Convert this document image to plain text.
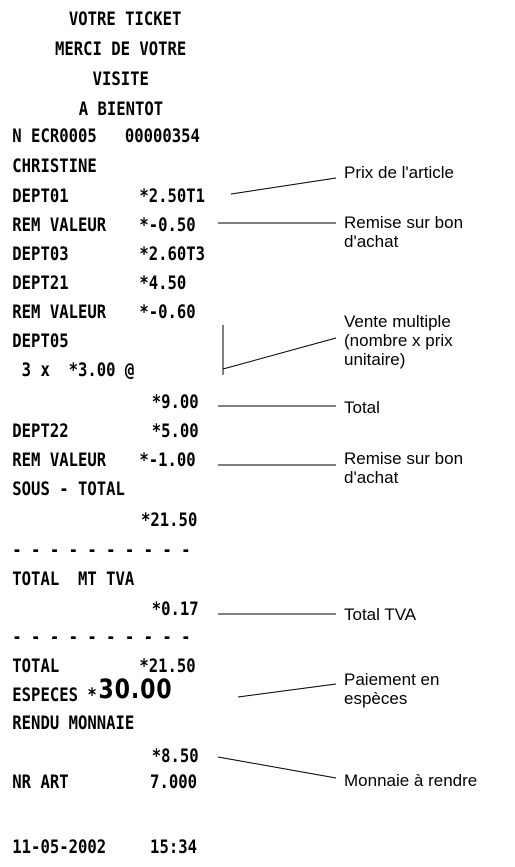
VOTRE TICKET
MERCI DE VOTRE
VISITE
A BIENTOT
N ECR0005   00000354
CHRISTINE
DEPT01	*2.50T1
REM VALEUR *-0.50
DEPT03	*2.60T3
DEPT21	*4.50
REM VALEUR *-0.60
DEPT05
3 x  *3.00 @
*9.00
DEPT22	*5.00
REM VALEUR *-1.00
SOUS - TOTAL
*21.50
- - - - - - - - - -
TOTAL  MT TVA
*0.17
- - - - - - - - - -
TOTAL	*21.50
ESPECES * 30.00
RENDU MONNAIE
*8.50
NR ART	7.000
11-05-2002 15:34
Prix de l'article
Remise sur bon
d'achat
Vente multiple
(nombre x prix
unitaire)
Total
Remise sur bon
d'achat
Total TVA
Paiement en
espèces
Monnaie à rendre
